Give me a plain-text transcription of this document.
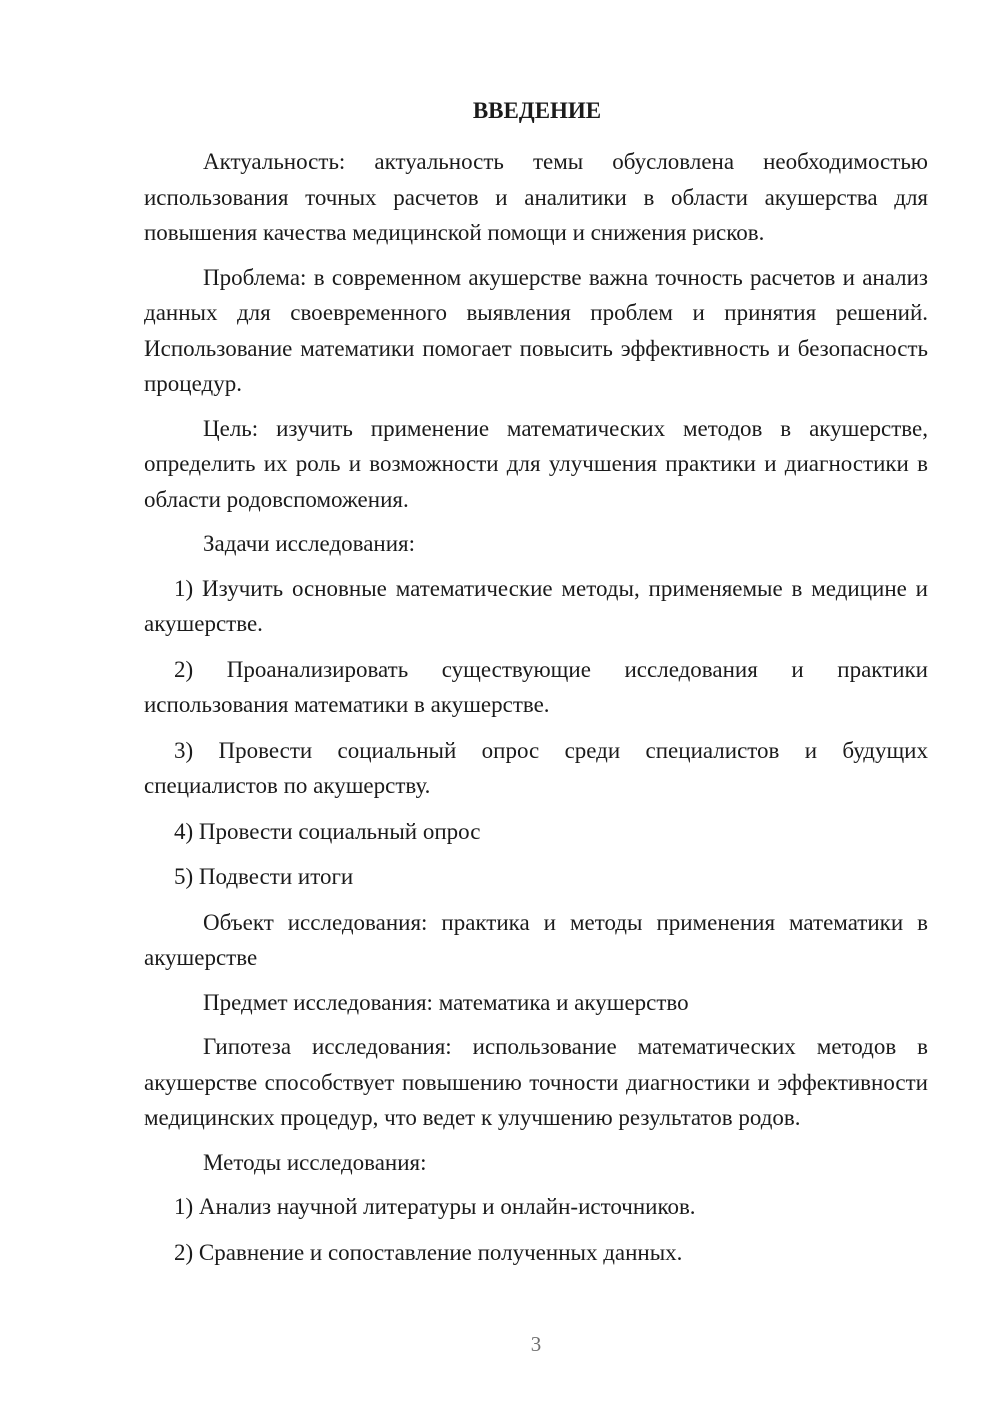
ВВЕДЕНИЕ

Актуальность: актуальность темы обусловлена необходимостью использования точных расчетов и аналитики в области акушерства для повышения качества медицинской помощи и снижения рисков.

Проблема: в современном акушерстве важна точность расчетов и анализ данных для своевременного выявления проблем и принятия решений. Использование математики помогает повысить эффективность и безопасность процедур.

Цель: изучить применение математических методов в акушерстве, определить их роль и возможности для улучшения практики и диагностики в области родовспоможения.

Задачи исследования:

1) Изучить основные математические методы, применяемые в медицине и акушерстве.

2) Проанализировать существующие исследования и практики использования математики в акушерстве.

3) Провести социальный опрос среди специалистов и будущих специалистов по акушерству.

4) Провести социальный опрос

5) Подвести итоги

Объект исследования: практика и методы применения математики в акушерстве

Предмет исследования: математика и акушерство

Гипотеза исследования: использование математических методов в акушерстве способствует повышению точности диагностики и эффективности медицинских процедур, что ведет к улучшению результатов родов.

Методы исследования:

1) Анализ научной литературы и онлайн-источников.

2) Сравнение и сопоставление полученных данных.

3
